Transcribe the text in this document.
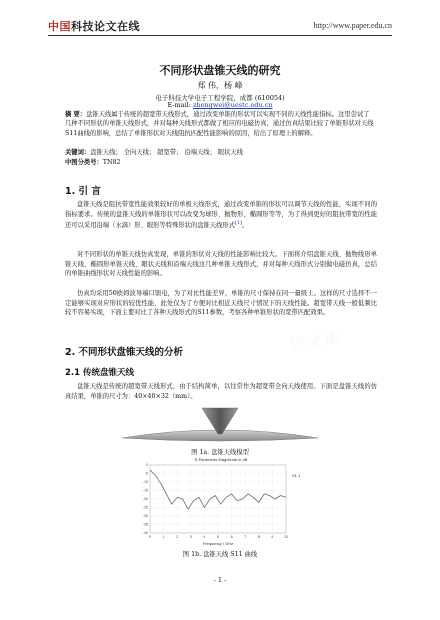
论文读
论文读
中国科技论文在线	http://www.paper.edu.cn
不同形状盘锥天线的研究
郑 伟，杨 峰
电子科技大学电子工程学院，成都 (610054)
E-mail: zhengwei@uestc.edu.cn
摘 要：盘锥天线属于传统的超宽带天线形式，通过改变单锥的形状可以实现不同的天线性能指标。这里尝试了几种不同形状的单锥天线形式，并对每种天线形式都做了相应的电磁仿真，通过仿真结果比较了单锥形状对天线S11曲线的影响，总结了单锥形状对天线阻抗匹配性能影响的原因，给出了原理上的解释。
关键词：盘锥天线； 全向天线； 超宽带； 沿端天线； 眼状天线
中图分类号：TN82
1. 引 言
盘锥天线是阻抗带宽性能效果较好的单极天线形式，通过改变单锥的形状可以调节天线的性能，实现不同的指标要求。传统的盘锥天线的单锥形状可以改变为球形、抛物形、椭圆形等等，为了得到更好的阻抗带宽的性能还可以采用沿端（水滴）形、眼形等特殊形状的盘锥天线形式[1]。
对不同形状的单锥天线仿真发现，单锥的形状对天线的性能影响比较大。下面将介绍盘锥天线、抛物线形单锥天线、椭圆形单锥天线、眼状天线和沿端天线这几种单锥天线形式，并对每种天线形式分别做电磁仿真，总结的单锥曲线形状对天线性能的影响。
仿真均采用50欧姆波导端口馈电，为了对比性能差异，单锥的尺寸保持在同一量级上。这样的尺寸选择不一定能够实现对应形状的较优性能，此处仅为了方便对比相近天线尺寸情况下的天线性能。超宽带天线一般低频比较不容易实现，下面主要对比了各种天线形式的S11参数，考察各种单锥形状的宽带匹配效果。
2. 不同形状盘锥天线的分析
2.1 传统盘锥天线
盘锥天线是传统的超宽带天线形式，由于结构简单，以往常作为超宽带全向天线使用。下面是盘锥天线的仿真结果，单锥的尺寸为：40×40×32（mm）。
图 1a. 盘锥天线模型
S-Parameter Magnitude in dB
-40
-35
-30
-25
-20
-15
-10
-5
0
0	1	2	3	4	5	6	7	8	9	10
S1,1
Frequency / GHz
图 1b. 盘锥天线 S11 曲线
- 1 -
